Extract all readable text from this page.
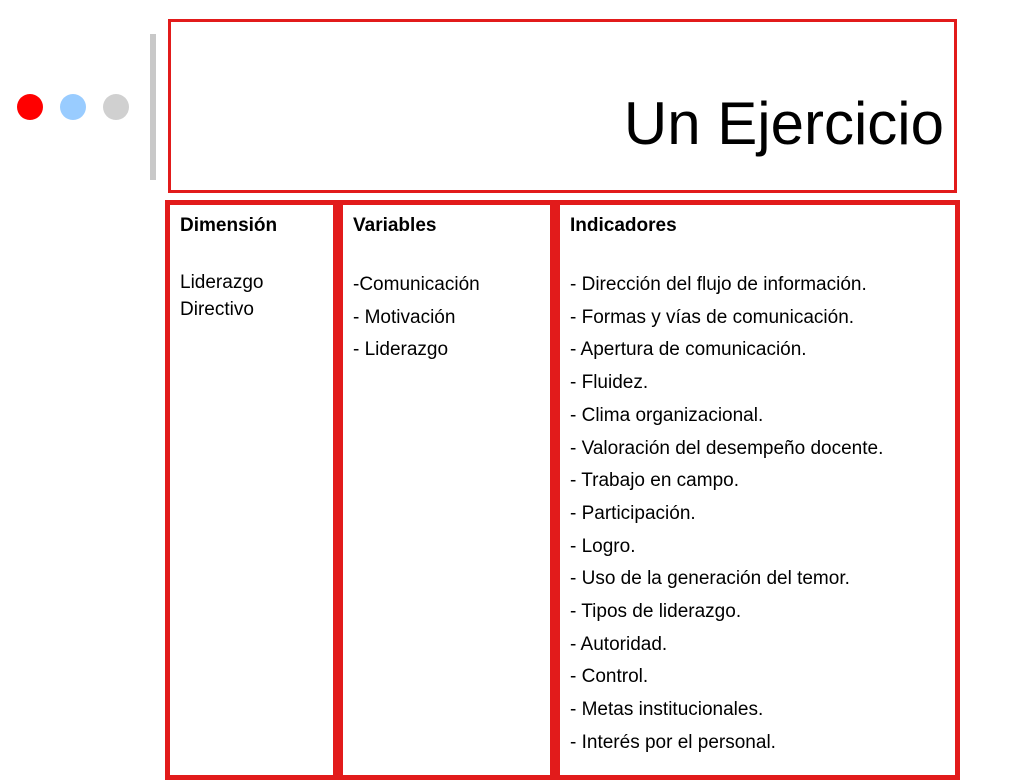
Un Ejercicio
Dimensión
Liderazgo
Directivo
Variables
-Comunicación
- Motivación
- Liderazgo
Indicadores
- Dirección del flujo de información.
- Formas y vías de comunicación.
- Apertura de comunicación.
- Fluidez.
- Clima organizacional.
- Valoración del desempeño docente.
- Trabajo en campo.
- Participación.
- Logro.
- Uso de la generación del temor.
- Tipos de liderazgo.
- Autoridad.
- Control.
- Metas institucionales.
- Interés por el personal.
